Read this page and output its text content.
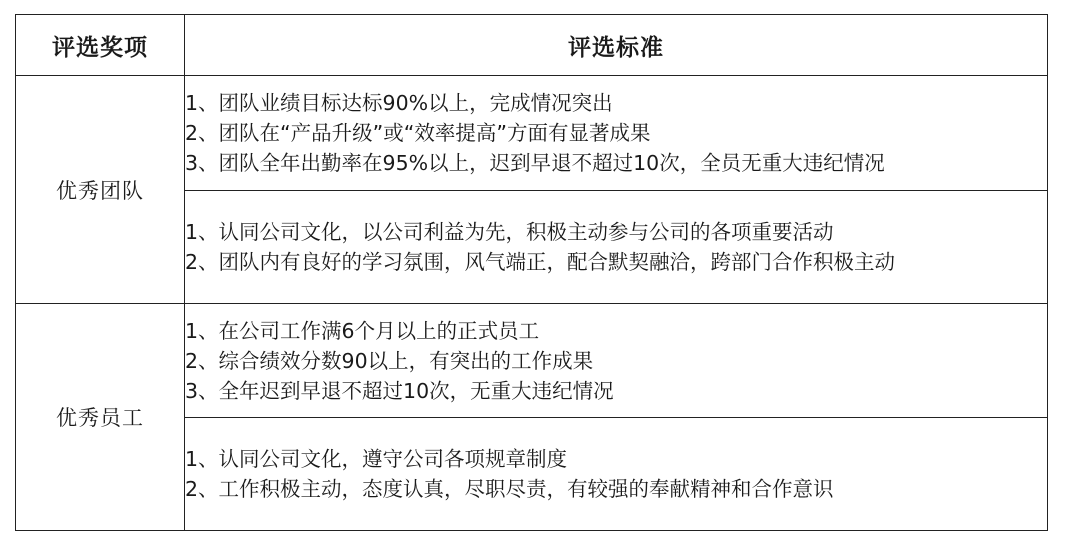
评选奖项	评选标准
优秀团队	1、团队业绩目标达标90%以上，完成情况突出
2、团队在“产品升级”或“效率提高”方面有显著成果
3、团队全年出勤率在95%以上，迟到早退不超过10次，全员无重大违纪情况

	1、认同公司文化，以公司利益为先，积极主动参与公司的各项重要活动
2、团队内有良好的学习氛围，风气端正，配合默契融洽，跨部门合作积极主动

优秀员工	1、在公司工作满6个月以上的正式员工
2、综合绩效分数90以上，有突出的工作成果
3、全年迟到早退不超过10次，无重大违纪情况

	1、认同公司文化，遵守公司各项规章制度
2、工作积极主动，态度认真，尽职尽责，有较强的奉献精神和合作意识
